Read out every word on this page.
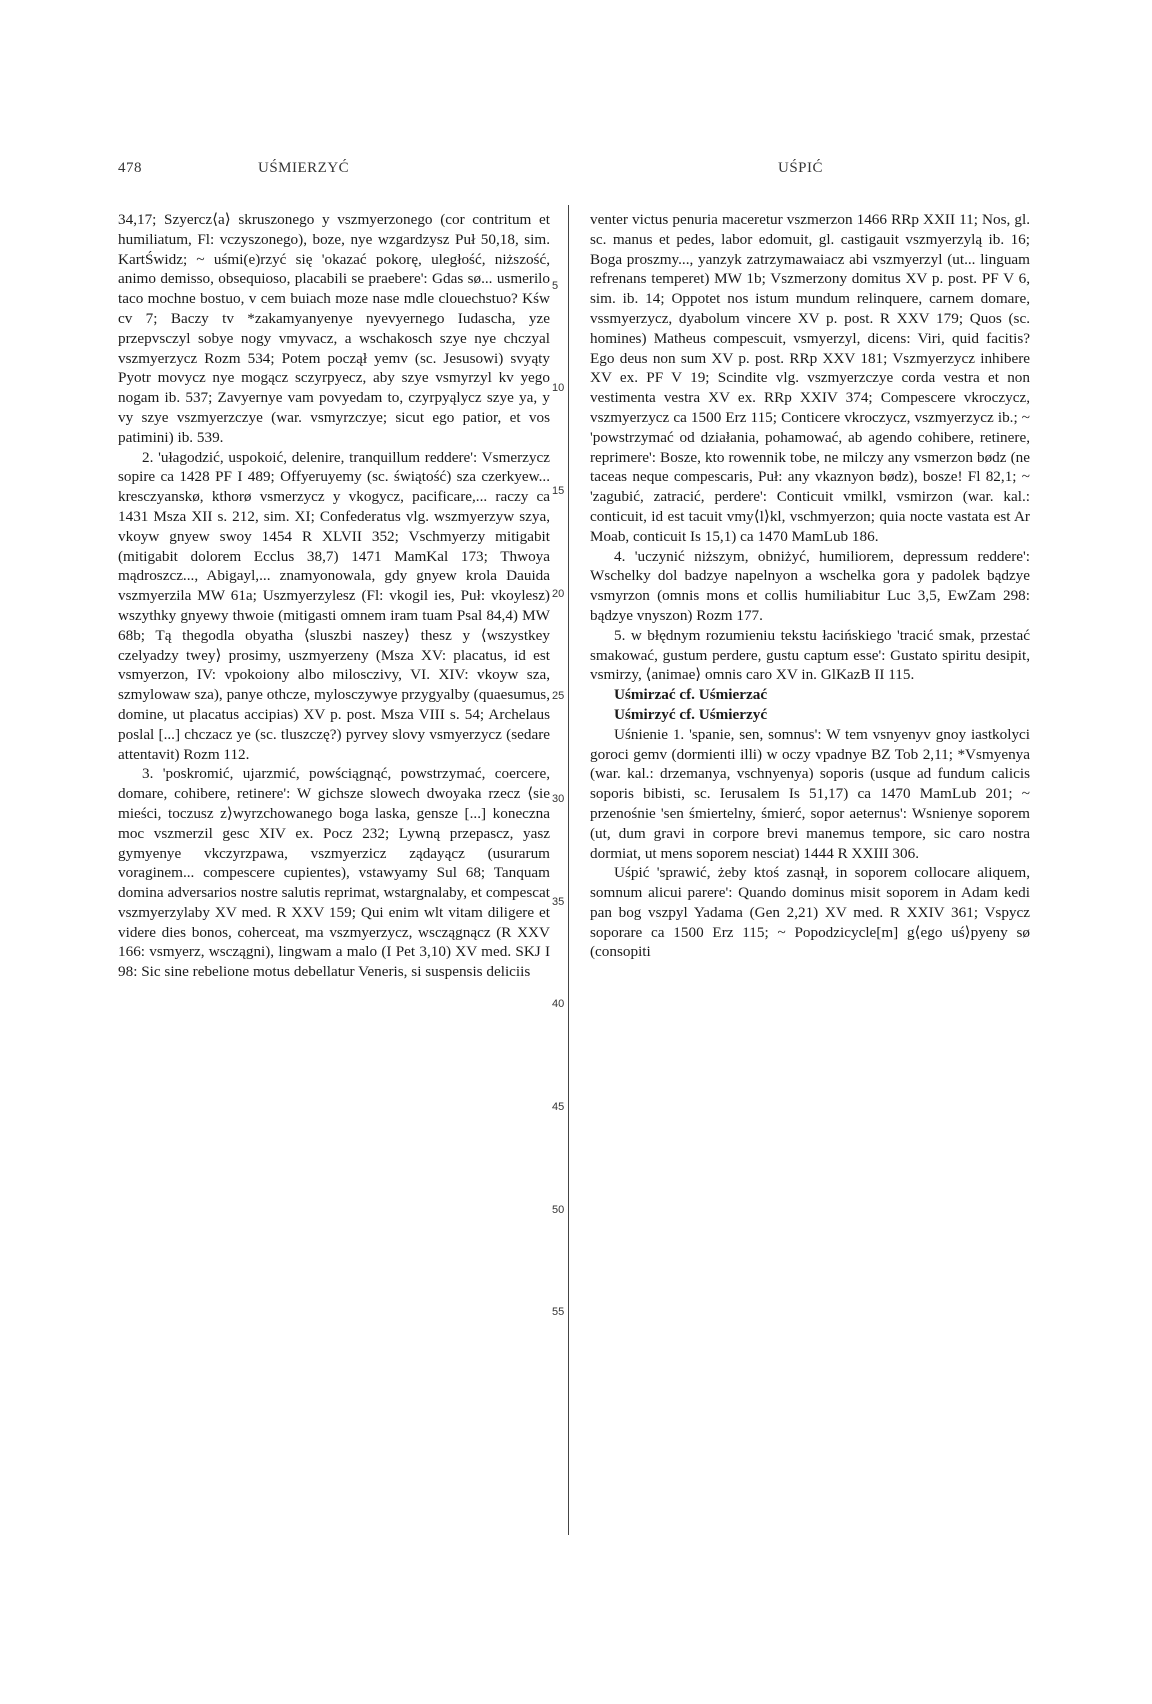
478	UŚMIERZYĆ	UŚPIĆ
5
10
15
20
25
30
35
40
45
50
55

34,17; Szyercz⟨a⟩ skruszonego y vszmyerzonego (cor contritum et humiliatum, Fl: vczyszonego), boze, nye wzgardzysz Puł 50,18, sim. KartŚwidz; ~ uśmi(e)rzyć się 'okazać pokorę, uległość, niższość, animo demisso, obsequioso, placabili se praebere': Gdas sø... usmerilo taco mochne bostuo, v cem buiach moze nase mdle clouechstuo? Kśw cv 7; Baczy tv *zakamyanyenye nyevyernego Iudascha, yze przepvsczyl sobye nogy vmyvacz, a wschakosch szye nye chczyal vszmyerzycz Rozm 534; Potem począł yemv (sc. Jesusowi) svyąty Pyotr movycz nye mogącz sczyrpyecz, aby szye vsmyrzyl kv yego nogam ib. 537; Zavyernye vam povyedam to, czyrpyąlycz szye ya, y vy szye vszmyerzczye (war. vsmyrzczye; sicut ego patior, et vos patimini) ib. 539.

2. 'ułagodzić, uspokoić, delenire, tranquillum reddere': Vsmerzycz sopire ca 1428 PF I 489; Offyeruyemy (sc. świątość) sza czerkyew... kresczyanskø, kthorø vsmerzycz y vkogycz, pacificare,... raczy ca 1431 Msza XII s. 212, sim. XI; Confederatus vlg. wszmyerzyw szya, vkoyw gnyew swoy 1454 R XLVII 352; Vschmyerzy mitigabit (mitigabit dolorem Ecclus 38,7) 1471 MamKal 173; Thwoya mądroszcz..., Abigayl,... znamyonowala, gdy gnyew krola Dauida vszmyerzila MW 61a; Uszmyerzylesz (Fl: vkogil ies, Puł: vkoylesz) wszythky gnyewy thwoie (mitigasti omnem iram tuam Psal 84,4) MW 68b; Tą thegodla obyatha ⟨sluszbi naszey⟩ thesz y ⟨wszystkey czelyadzy twey⟩ prosimy, uszmyerzeny (Msza XV: placatus, id est vsmyerzon, IV: vpokoiony albo milosczivy, VI. XIV: vkoyw sza, szmylowaw sza), panye othcze, mylosczywye przygyalby (quaesumus, domine, ut placatus accipias) XV p. post. Msza VIII s. 54; Archelaus poslal [...] chczacz ye (sc. tluszczę?) pyrvey slovy vsmyerzycz (sedare attentavit) Rozm 112.

3. 'poskromić, ujarzmić, powściągnąć, powstrzymać, coercere, domare, cohibere, retinere': W gichsze slowech dwoyaka rzecz ⟨sie mieści, toczusz z⟩wyrzchowanego boga laska, gensze [...] koneczna moc vszmerzil gesc XIV ex. Pocz 232; Lywną przepascz, yasz gymyenye vkczyrzpawa, vszmyerzicz ządayącz (usurarum voraginem... compescere cupientes), vstawyamy Sul 68; Tanquam domina adversarios nostre salutis reprimat, wstargnalaby, et compescat vszmyerzylaby XV med. R XXV 159; Qui enim wlt vitam diligere et videre dies bonos, coherceat, ma vszmyerzycz, wsczągnącz (R XXV 166: vsmyerz, wsczągni), lingwam a malo (I Pet 3,10) XV med. SKJ I 98: Sic sine rebelione motus debellatur Veneris, si suspensis deliciis

venter victus penuria maceretur vszmerzon 1466 RRp XXII 11; Nos, gl. sc. manus et pedes, labor edomuit, gl. castigauit vszmyerzylą ib. 16; Boga proszmy..., yanzyk zatrzymawaiacz abi vszmyerzyl (ut... linguam refrenans temperet) MW 1b; Vszmerzony domitus XV p. post. PF V 6, sim. ib. 14; Oppotet nos istum mundum relinquere, carnem domare, vssmyerzycz, dyabolum vincere XV p. post. R XXV 179; Quos (sc. homines) Matheus compescuit, vsmyerzyl, dicens: Viri, quid facitis? Ego deus non sum XV p. post. RRp XXV 181; Vszmyerzycz inhibere XV ex. PF V 19; Scindite vlg. vszmyerzczye corda vestra et non vestimenta vestra XV ex. RRp XXIV 374; Compescere vkroczycz, vszmyerzycz ca 1500 Erz 115; Conticere vkroczycz, vszmyerzycz ib.; ~ 'powstrzymać od działania, pohamować, ab agendo cohibere, retinere, reprimere': Bosze, kto rowennik tobe, ne milczy any vsmerzon bødz (ne taceas neque compescaris, Puł: any vkaznyon bødz), bosze! Fl 82,1; ~ 'zagubić, zatracić, perdere': Conticuit vmilkl, vsmirzon (war. kal.: conticuit, id est tacuit vmy⟨l⟩kl, vschmyerzon; quia nocte vastata est Ar Moab, conticuit Is 15,1) ca 1470 MamLub 186.

4. 'uczynić niższym, obniżyć, humiliorem, depressum reddere': Wschelky dol badzye napelnyon a wschelka gora y padolek bądzye vsmyrzon (omnis mons et collis humiliabitur Luc 3,5, EwZam 298: bądzye vnyszon) Rozm 177.

5. w błędnym rozumieniu tekstu łacińskiego 'tracić smak, przestać smakować, gustum perdere, gustu captum esse': Gustato spiritu desipit, vsmirzy, ⟨animae⟩ omnis caro XV in. GlKazB II 115.

Uśmirzać cf. Uśmierzać

Uśmirzyć cf. Uśmierzyć

Uśnienie 1. 'spanie, sen, somnus': W tem vsnyenyv gnoy iastkolyci goroci gemv (dormienti illi) w oczy vpadnye BZ Tob 2,11; *Vsmyenya (war. kal.: drzemanya, vschnyenya) soporis (usque ad fundum calicis soporis bibisti, sc. Ierusalem Is 51,17) ca 1470 MamLub 201; ~ przenośnie 'sen śmiertelny, śmierć, sopor aeternus': Wsnienye soporem (ut, dum gravi in corpore brevi manemus tempore, sic caro nostra dormiat, ut mens soporem nesciat) 1444 R XXIII 306.

Uśpić 'sprawić, żeby ktoś zasnął, in soporem collocare aliquem, somnum alicui parere': Quando dominus misit soporem in Adam kedi pan bog vszpyl Yadama (Gen 2,21) XV med. R XXIV 361; Vspycz soporare ca 1500 Erz 115; ~ Popodzicycle[m] g⟨ego uś⟩pyeny sø (consopiti
